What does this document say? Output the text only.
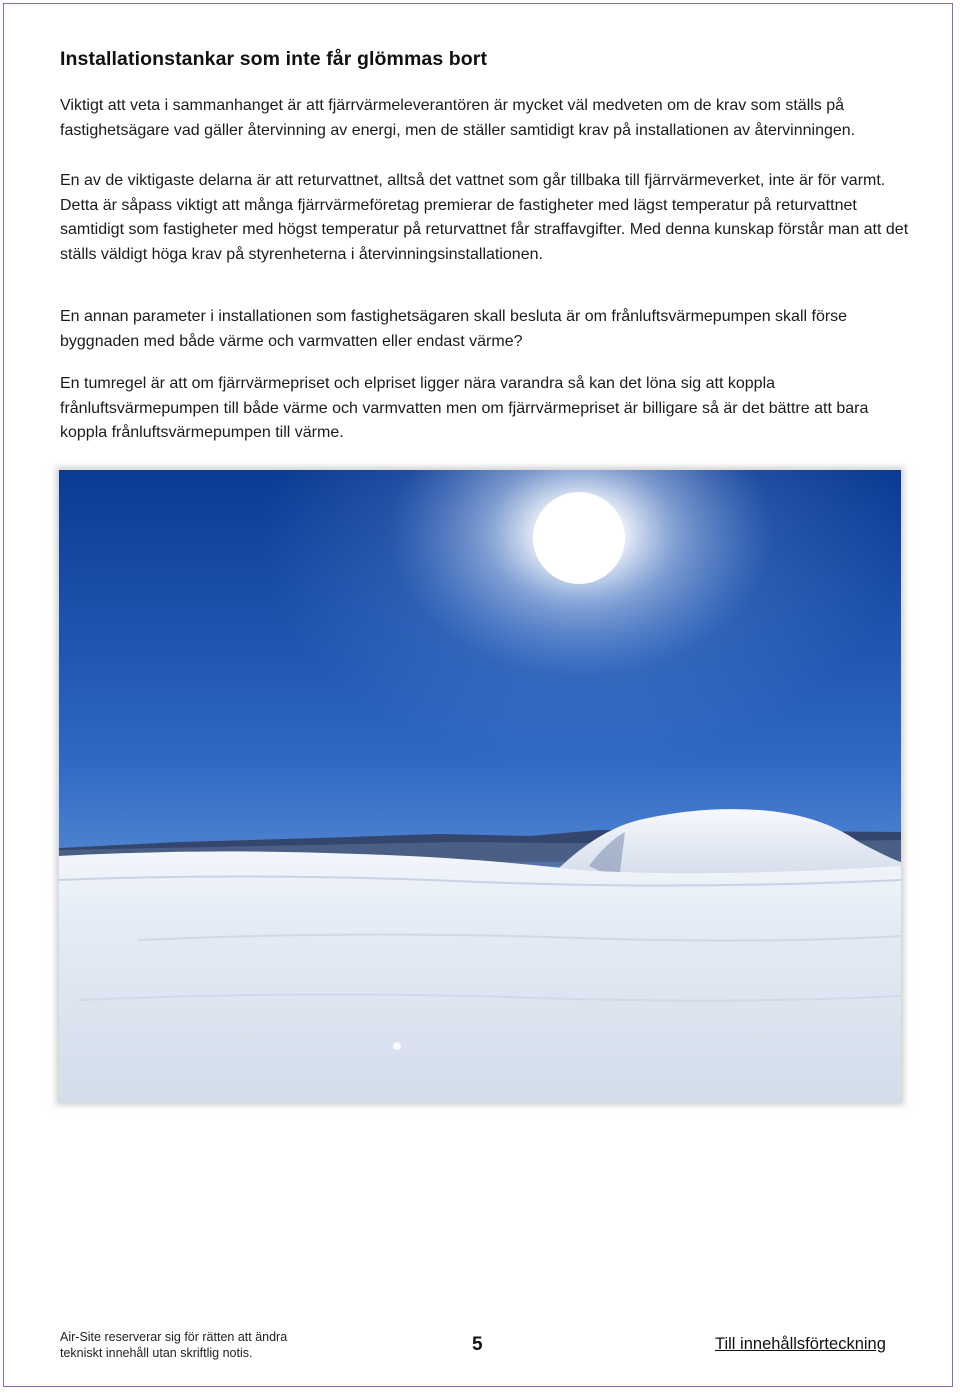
Installationstankar som inte får glömmas bort

Viktigt att veta i sammanhanget är att fjärrvärmeleverantören är mycket väl medveten om de krav som ställs på fastighetsägare vad gäller återvinning av energi, men de ställer samtidigt krav på installationen av återvinningen.

En av de viktigaste delarna är att returvattnet, alltså det vattnet som går tillbaka till fjärrvärmeverket, inte är för varmt. Detta är såpass viktigt att många fjärrvärmeföretag premierar de fastigheter med lägst temperatur på returvattnet samtidigt som fastigheter med högst temperatur på returvattnet får straffavgifter. Med denna kunskap förstår man att det ställs väldigt höga krav på styrenheterna i återvinningsinstallationen.

En annan parameter i installationen som fastighetsägaren skall besluta är om frånluftsvärmepumpen skall förse byggnaden med både värme och varmvatten eller endast värme?

En tumregel är att om fjärrvärmepriset och elpriset ligger nära varandra så kan det löna sig att koppla frånluftsvärmepumpen till både värme och varmvatten men om fjärrvärmepriset är billigare så är det bättre att bara koppla frånluftsvärmepumpen till värme.

Air-Site reserverar sig för rätten att ändra
tekniskt innehåll utan skriftlig notis.	5	Till innehållsförteckning
